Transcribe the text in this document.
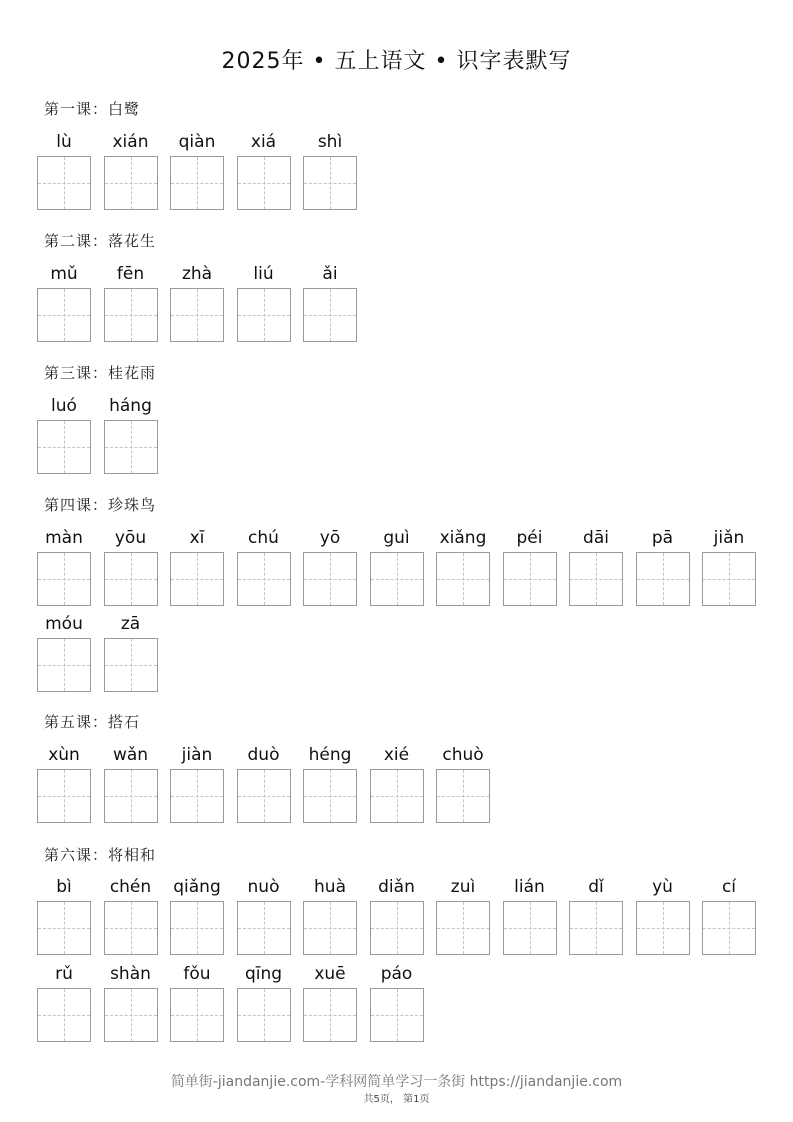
2025年 • 五上语文 • 识字表默写
第一课：白鹭
lù	xián	qiàn	xiá	shì
第二课：落花生
mǔ	fēn	zhà	liú	ǎi
第三课：桂花雨
luó	háng
第四课：珍珠鸟
màn	yōu	xī	chú	yō	guì	xiǎng	péi	dāi	pā	jiǎn
móu	zā
第五课：搭石
xùn	wǎn	jiàn	duò	héng	xié	chuò
第六课：将相和
bì	chén	qiǎng	nuò	huà	diǎn	zuì	lián	dǐ	yù	cí
rǔ	shàn	fǒu	qīng	xuē	páo
简单街-jiandanjie.com-学科网简单学习一条街 https://jiandanjie.com
共5页， 第1页
